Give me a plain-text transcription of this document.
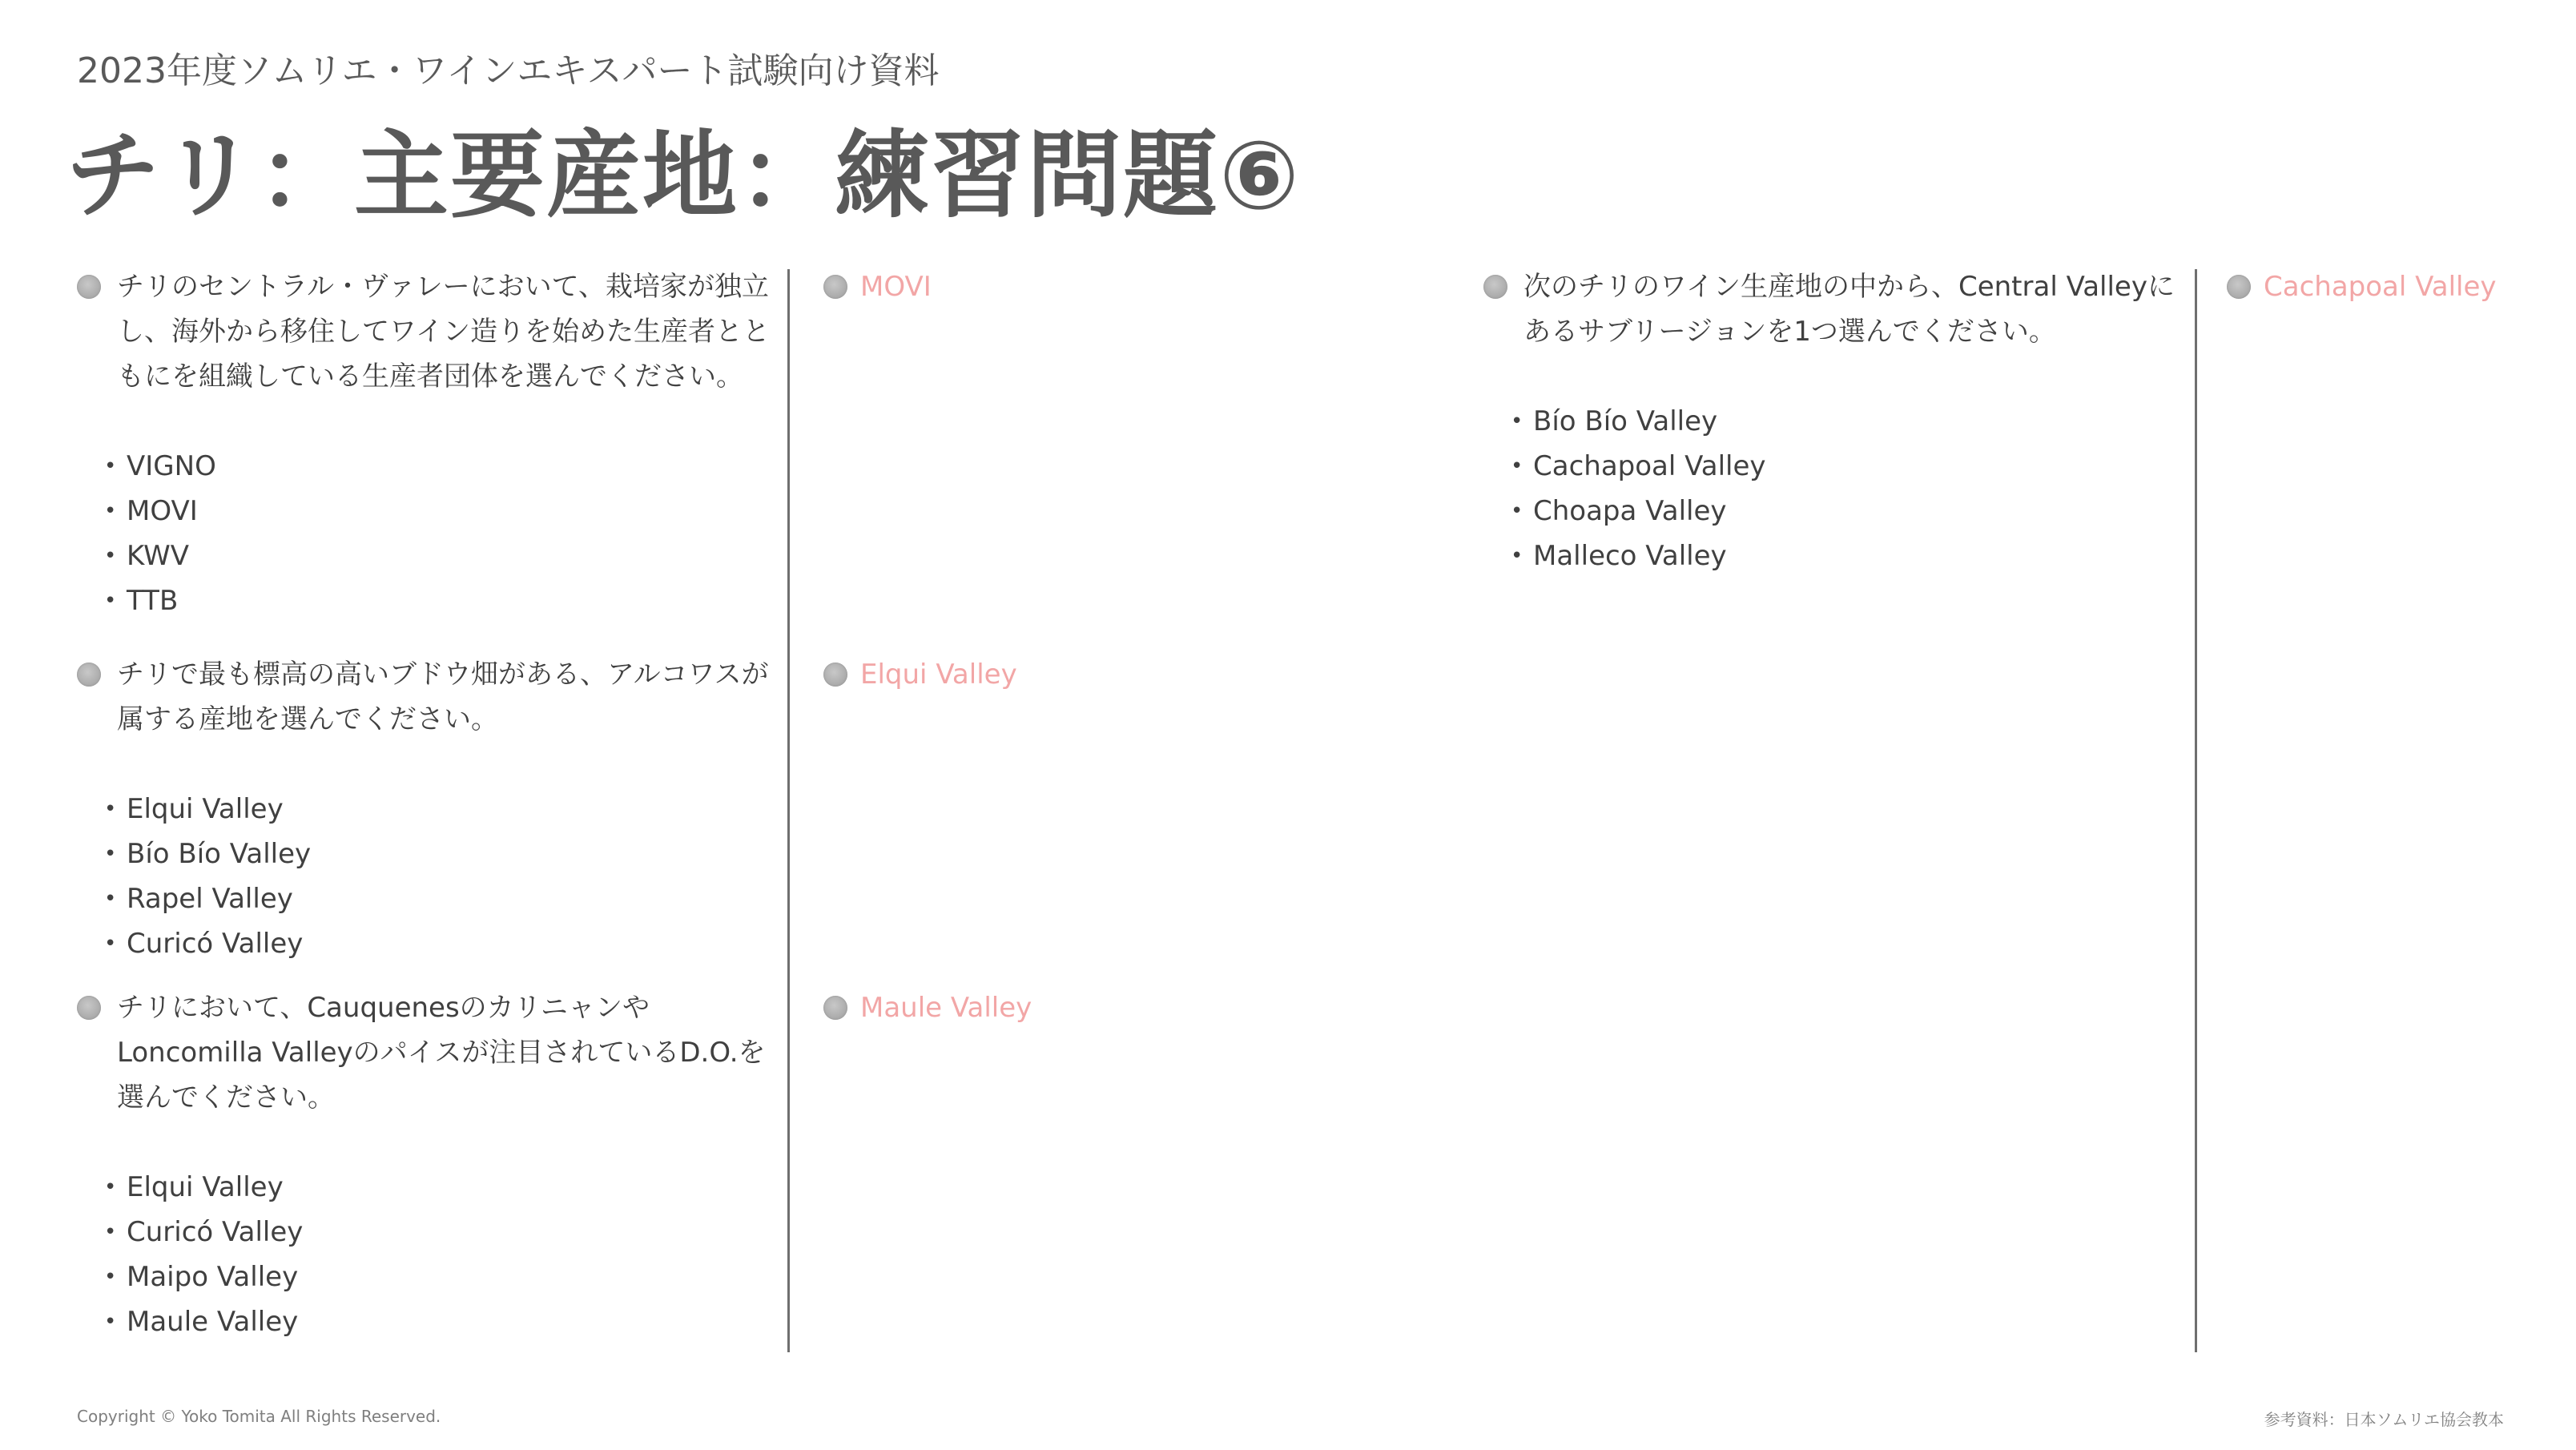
2023年度ソムリエ・ワインエキスパート試験向け資料
チリ：主要産地：練習問題⑥
チリのセントラル・ヴァレーにおいて、栽培家が独立し、海外から移住してワイン造りを始めた生産者とともにを組織している生産者団体を選んでください。
• VIGNO
• MOVI
• KWV
• TTB
MOVI
チリで最も標高の高いブドウ畑がある、アルコワスが属する産地を選んでください。
• Elqui Valley
• Bío Bío Valley
• Rapel Valley
• Curicó Valley
Elqui Valley
チリにおいて、Cauquenesのカリニャンや Loncomilla Valleyのパイスが注目されているD.O.を選んでください。
• Elqui Valley
• Curicó Valley
• Maipo Valley
• Maule Valley
Maule Valley
次のチリのワイン生産地の中から、Central Valleyにあるサブリージョンを1つ選んでください。
• Bío Bío Valley
• Cachapoal Valley
• Choapa Valley
• Malleco Valley
Cachapoal Valley
Copyright © Yoko Tomita All Rights Reserved.	参考資料：日本ソムリエ協会教本
